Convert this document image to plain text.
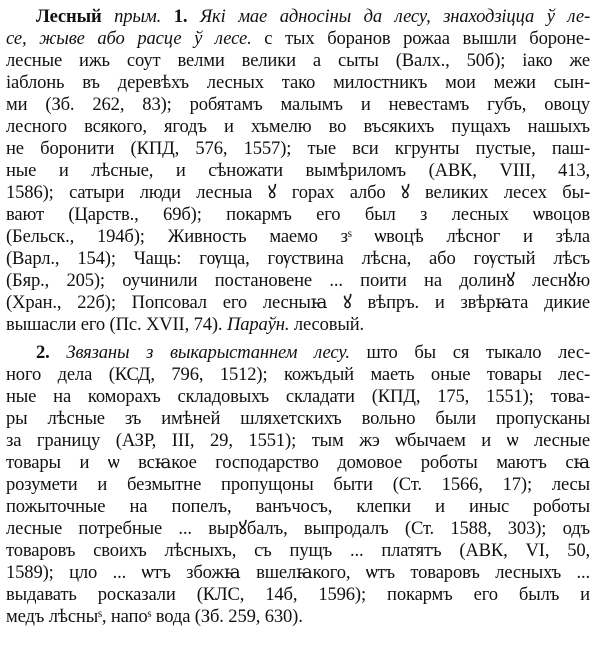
Лесный прым. 1. Які мае адносіны да лесу, знаходзіцца ў ле-
се, жыве або расце ў лесе. с тых боранов рожаа вышли бороне-
лесные ижь соут велми велики а сыты (Валх., 50б); іако же
іаблонь въ деревѣхъ лесных тако милостникъ мои межи сын-
ми (Зб. 262, 83); робятамъ малымъ и невестамъ губъ, овоцу
лесного всякого, ягодъ и хъмелю во въсякихъ пущахъ нашыхъ
не боронити (КПД, 576, 1557); тые вси кгрунты пустые, паш-
ные и лѣсные, и сѣножати вымѣриломъ (АВК, VIII, 413,
1586); сатыри люди лесныа ꙋ горах албо ꙋ великих лесех бы-
вают (Царств., 69б); покармъ его был з лесных ѡвоцов
(Бельск., 194б); Живность маемо зˢ ѡвоцѣ лѣсног и зѣла
(Варл., 154); Чащь: гѹща, гѹствина лѣсна, або гѹстый лѣсъ
(Бяр., 205); оучинили постановене ... поити на долинꙋ леснꙋю
(Хран., 22б); Попсовал его лесныꙗ ꙋ вѣпръ. и звѣрꙗта дикие
вышасли его (Пс. XVII, 74). Параўн. лесовый.
2. Звязаны з выкарыстаннем лесу. што бы ся тыкало лес-
ного дела (КСД, 796, 1512); кожъдый маеть оные товары лес-
ные на коморахъ складовыхъ складати (КПД, 175, 1551); това-
ры лѣсные зъ имѣней шляхетскихъ вольно были пропусканы
за границу (АЗР, III, 29, 1551); тым жэ ѡбычаем и ѡ лесные
товары и ѡ всꙗкое господарство домовое роботы маютъ сꙗ
розумети и безмытне пропущоны быти (Ст. 1566, 17); лесы
пожыточные на попелъ, ванъчосъ, клепки и иныс роботы
лесные потребные ... вырꙋбалъ, выпродалъ (Ст. 1588, 303); одъ
товаровъ своихъ лѣсныхъ, съ пущъ ... платятъ (АВК, VI, 50,
1589); цло ... ѡтъ збожꙗ вшелꙗкого, ѡтъ товаровъ лесныхъ ...
выдавать росказали (КЛС, 14б, 1596); покармъ его былъ и
медъ лѣсныˢ, напоˢ вода (Зб. 259, 630).
